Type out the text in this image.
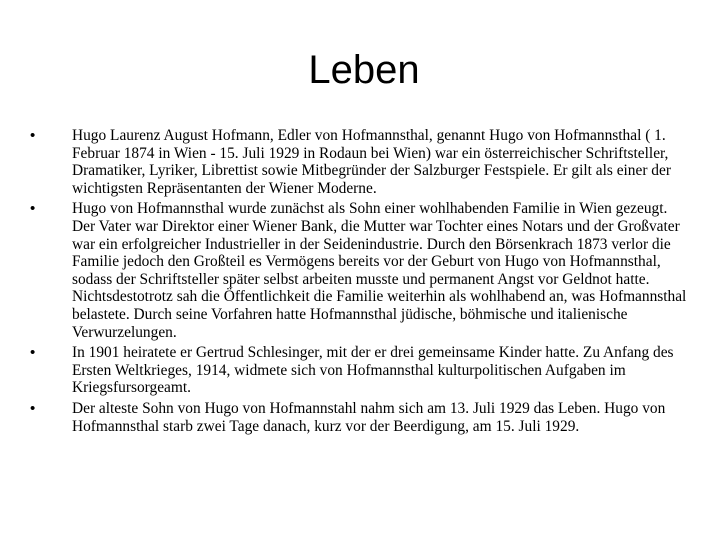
Leben
•	Hugo Laurenz August Hofmann, Edler von Hofmannsthal, genannt Hugo von Hofmannsthal ( 1. Februar 1874 in Wien - 15. Juli 1929 in Rodaun bei Wien) war ein österreichischer Schriftsteller, Dramatiker, Lyriker, Librettist sowie Mitbegründer der Salzburger Festspiele. Er gilt als einer der wichtigsten Repräsentanten der Wiener Moderne.
•	Hugo von Hofmannsthal wurde zunächst als Sohn einer wohlhabenden Familie in Wien gezeugt. Der Vater war Direktor einer Wiener Bank, die Mutter war Tochter eines Notars und der Großvater war ein erfolgreicher Industrieller in der Seidenindustrie. Durch den Börsenkrach 1873 verlor die Familie jedoch den Großteil es Vermögens bereits vor der Geburt von Hugo von Hofmannsthal, sodass der Schriftsteller später selbst arbeiten musste und permanent Angst vor Geldnot hatte. Nichtsdestotrotz sah die Öffentlichkeit die Familie weiterhin als wohlhabend an, was Hofmannsthal belastete. Durch seine Vorfahren hatte Hofmannsthal jüdische, böhmische und italienische Verwurzelungen.
•	In 1901 heiratete er Gertrud Schlesinger, mit der er drei gemeinsame Kinder hatte. Zu Anfang des Ersten Weltkrieges, 1914, widmete sich von Hofmannsthal kulturpolitischen Aufgaben im Kriegsfursorgeamt.
•	Der alteste Sohn von Hugo von Hofmannstahl nahm sich am 13. Juli 1929 das Leben. Hugo von Hofmannsthal starb zwei Tage danach, kurz vor der Beerdigung, am 15. Juli 1929.
